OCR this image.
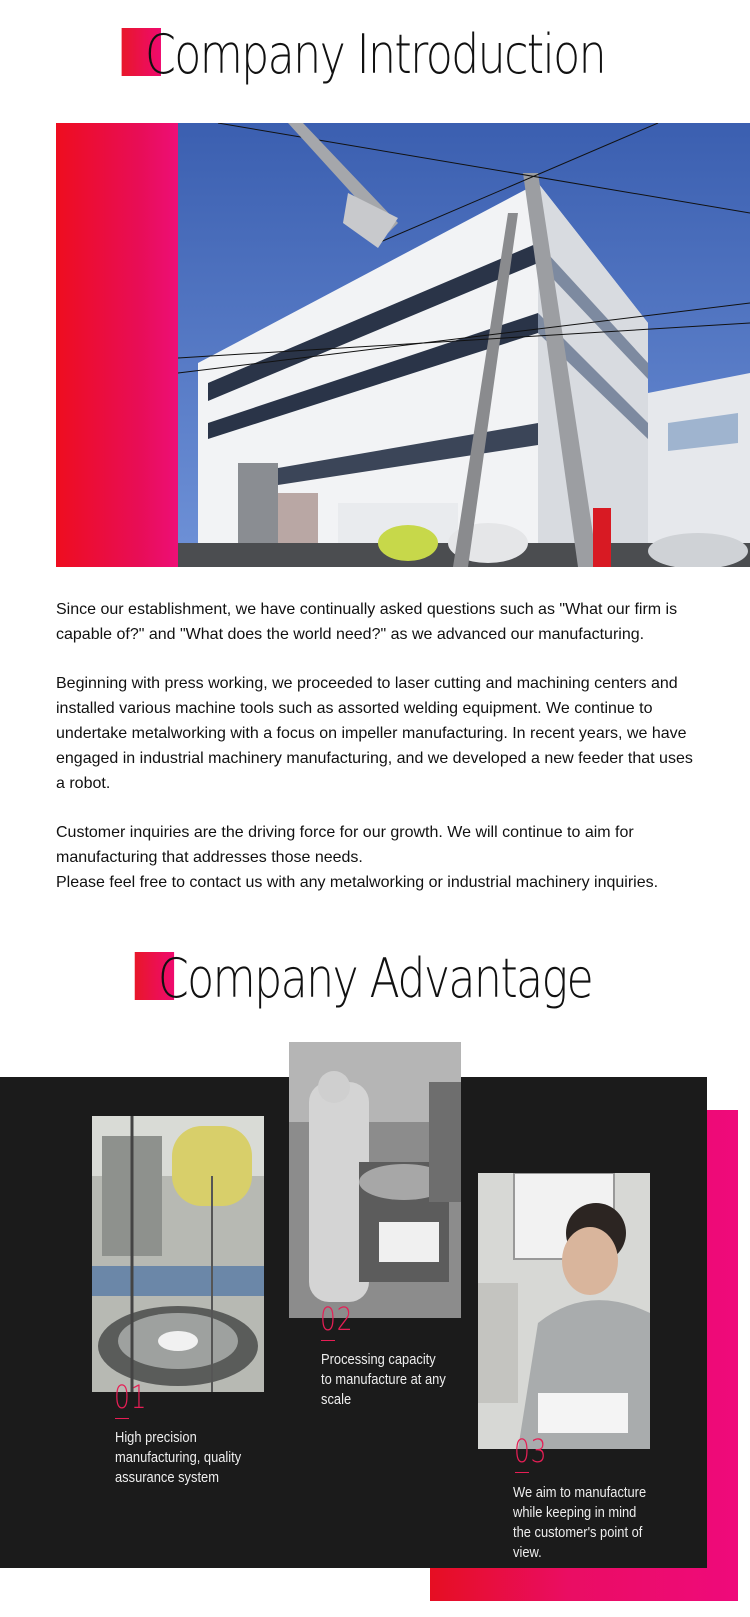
Company Introduction

Since our establishment, we have continually asked questions such as "What our firm is capable of?" and "What does the world need?" as we advanced our manufacturing.

Beginning with press working, we proceeded to laser cutting and machining centers and installed various machine tools such as assorted welding equipment. We continue to undertake metalworking with a focus on impeller manufacturing. In recent years, we have engaged in industrial machinery manufacturing, and we developed a new feeder that uses a robot.

Customer inquiries are the driving force for our growth. We will continue to aim for manufacturing that addresses those needs.

Please feel free to contact us with any metalworking or industrial machinery inquiries.

Company Advantage
01
High precision manufacturing, quality assurance system
02
Processing capacity to manufacture at any scale
03
We aim to manufacture while keeping in mind the customer's point of view.
